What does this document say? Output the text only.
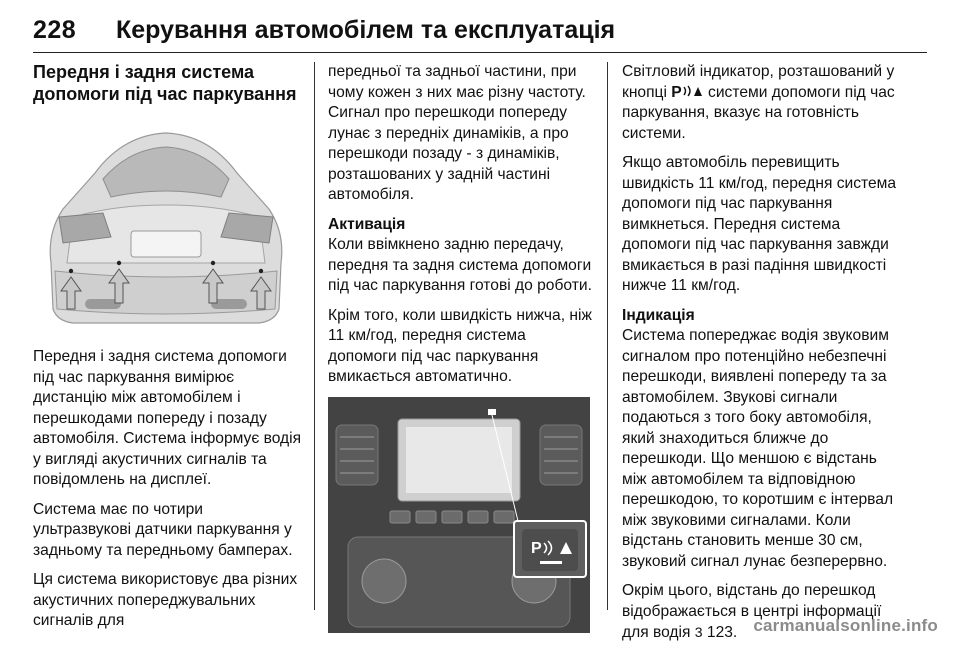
228 Керування автомобілем та експлуатація
Передня і задня система допомоги під час паркування

Передня і задня система допомоги під час паркування вимірює дистанцію між автомобілем і перешкодами попереду і позаду автомобіля. Система інформує водія у вигляді акустичних сигналів та повідомлень на дисплеї.

Система має по чотири ультразвукові датчики паркування у задньому та передньому бамперах.

Ця система використовує два різних акустичних попереджувальних сигналів для

передньої та задньої частини, при чому кожен з них має різну частоту. Сигнал про перешкоди попереду лунає з передніх динаміків, а про перешкоди позаду - з динаміків, розташованих у задній частині автомобіля.

Активація

Коли ввімкнено задню передачу, передня та задня система допомоги під час паркування готові до роботи.

Крім того, коли швидкість нижча, ніж 11 км/год, передня система допомоги під час паркування вмикається автоматично.

P

Світловий індикатор, розташований у кнопці P системи допомоги під час паркування, вказує на готовність системи.

Якщо автомобіль перевищить швидкість 11 км/год, передня система допомоги під час паркування вимкнеться. Передня система допомоги під час паркування завжди вмикається в разі падіння швидкості нижче 11 км/год.

Індикація

Система попереджає водія звуковим сигналом про потенційно небезпечні перешкоди, виявлені попереду та за автомобілем. Звукові сигнали подаються з того боку автомобіля, який знаходиться ближче до перешкоди. Що меншою є відстань між автомобілем та відповідною перешкодою, то коротшим є інтервал між звуковими сигналами. Коли відстань становить менше 30 см, звуковий сигнал лунає безперервно.

Окрім цього, відстань до перешкод відображається в центрі інформації для водія 3 123. carmanualsonline.info
